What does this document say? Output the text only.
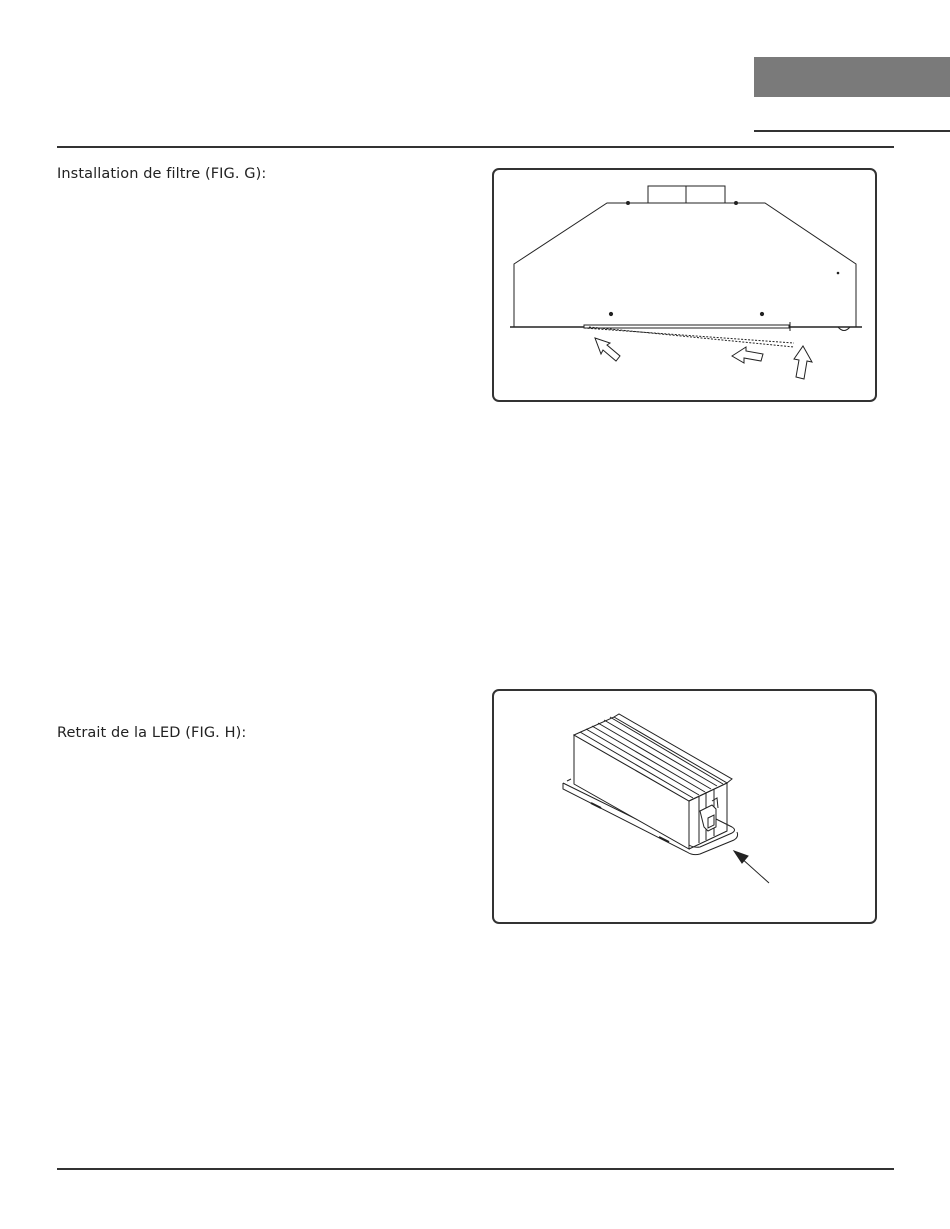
Installation de filtre (FIG. G):
Retrait de la LED (FIG. H):
